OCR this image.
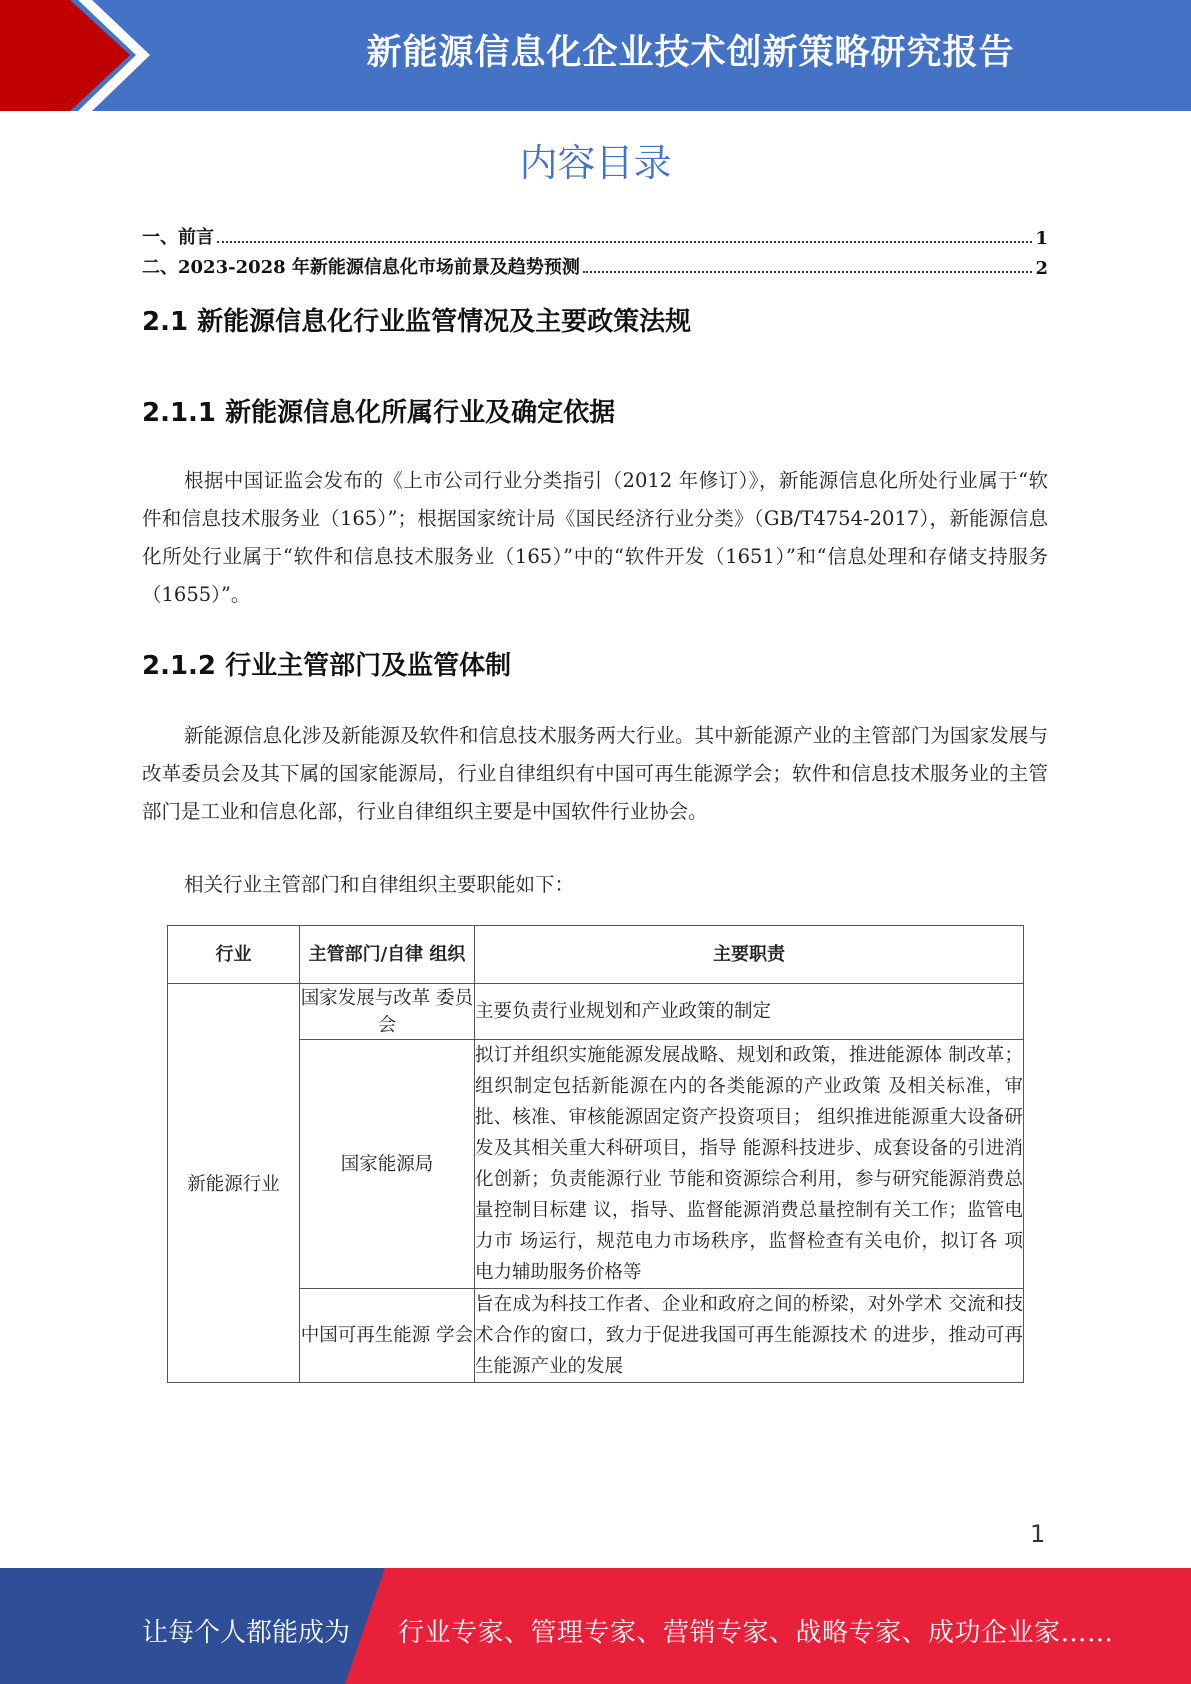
新能源信息化企业技术创新策略研究报告
内容目录
一、前言	1
二、2023-2028 年新能源信息化市场前景及趋势预测	2
2.1 新能源信息化行业监管情况及主要政策法规
2.1.1 新能源信息化所属行业及确定依据
根据中国证监会发布的《上市公司行业分类指引（2012 年修订）》，新能源信息化所处行业属于“软件和信息技术服务业（165）”；根据国家统计局《国民经济行业分类》（GB/T4754-2017），新能源信息化所处行业属于“软件和信息技术服务业（165）”中的“软件开发（1651）”和“信息处理和存储支持服务（1655）”。
2.1.2 行业主管部门及监管体制
新能源信息化涉及新能源及软件和信息技术服务两大行业。其中新能源产业的主管部门为国家发展与改革委员会及其下属的国家能源局，行业自律组织有中国可再生能源学会；软件和信息技术服务业的主管部门是工业和信息化部，行业自律组织主要是中国软件行业协会。
相关行业主管部门和自律组织主要职能如下：
行业	主管部门/自律 组织	主要职责
新能源行业	国家发展与改革 委员会	主要负责行业规划和产业政策的制定
	国家能源局	拟订并组织实施能源发展战略、规划和政策，推进能源体 制改革；组织制定包括新能源在内的各类能源的产业政策 及相关标准，审批、核准、审核能源固定资产投资项目； 组织推进能源重大设备研发及其相关重大科研项目，指导 能源科技进步、成套设备的引进消化创新；负责能源行业 节能和资源综合利用，参与研究能源消费总量控制目标建 议，指导、监督能源消费总量控制有关工作；监管电力市 场运行，规范电力市场秩序，监督检查有关电价，拟订各 项电力辅助服务价格等
	中国可再生能源 学会	旨在成为科技工作者、企业和政府之间的桥梁，对外学术 交流和技术合作的窗口，致力于促进我国可再生能源技术 的进步，推动可再生能源产业的发展
1
让每个人都能成为 行业专家、管理专家、营销专家、战略专家、成功企业家……
